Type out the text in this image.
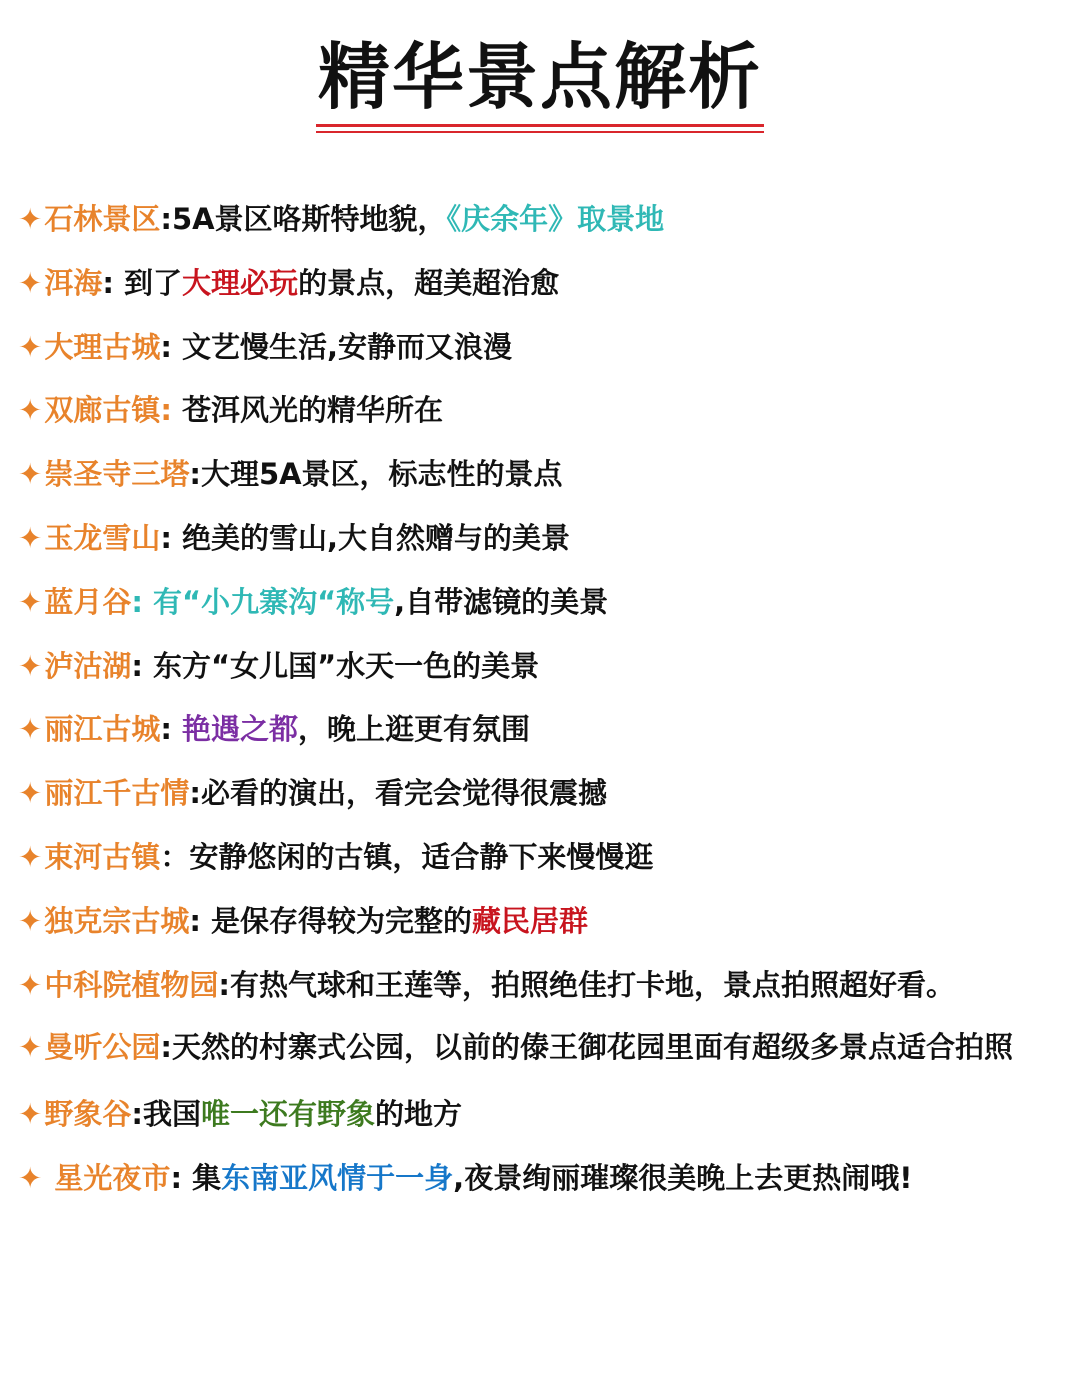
精华景点解析
✦石林景区:5A景区咯斯特地貌，《庆余年》取景地
✦洱海: 到了大理必玩的景点，超美超治愈
✦大理古城: 文艺慢生活,安静而又浪漫
✦双廊古镇: 苍洱风光的精华所在
✦崇圣寺三塔:大理5A景区，标志性的景点
✦玉龙雪山: 绝美的雪山,大自然赠与的美景
✦蓝月谷: 有“小九寨沟“称号,自带滤镜的美景
✦泸沽湖: 东方“女儿国”水天一色的美景
✦丽江古城: 艳遇之都，晚上逛更有氛围
✦丽江千古情:必看的演出，看完会觉得很震撼
✦束河古镇：安静悠闲的古镇，适合静下来慢慢逛
✦独克宗古城: 是保存得较为完整的藏民居群
✦中科院植物园:有热气球和王莲等，拍照绝佳打卡地，景点拍照超好看。
✦曼听公园:天然的村寨式公园，以前的傣王御花园里面有超级多景点适合拍照
✦野象谷:我国唯一还有野象的地方
✦ 星光夜市: 集东南亚风情于一身,夜景绚丽璀璨很美晚上去更热闹哦!
